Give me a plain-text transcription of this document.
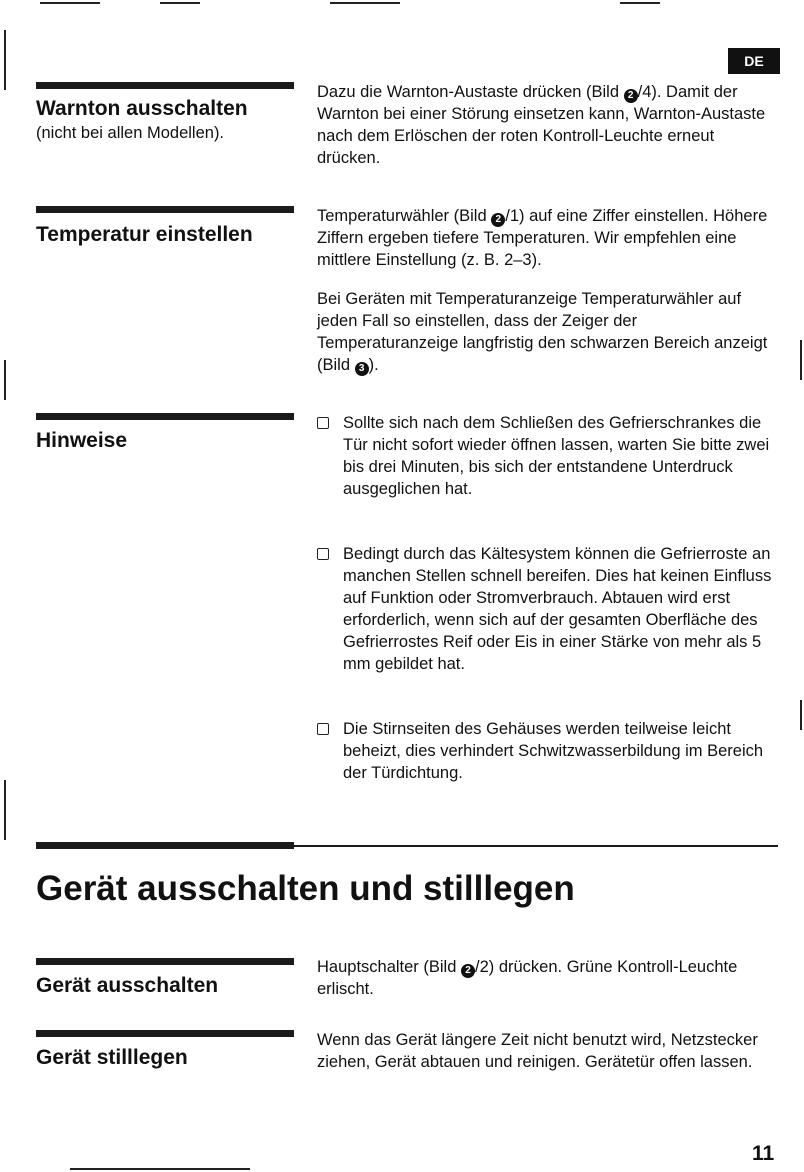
DE
Warnton ausschalten
(nicht bei allen Modellen).

Dazu die Warnton-Austaste drücken (Bild 2 /4). Damit der Warnton bei einer Störung einsetzen kann, Warnton-Austaste nach dem Erlöschen der roten Kontroll-Leuchte erneut drücken.

Temperatur einstellen

Temperaturwähler (Bild 2 /1) auf eine Ziffer einstellen. Höhere Ziffern ergeben tiefere Temperaturen. Wir empfehlen eine mittlere Einstellung (z. B. 2–3).

Bei Geräten mit Temperaturanzeige Temperaturwähler auf jeden Fall so einstellen, dass der Zeiger der Temperaturanzeige langfristig den schwarzen Bereich anzeigt (Bild 3 ).

Hinweise

Sollte sich nach dem Schließen des Gefrierschrankes die Tür nicht sofort wieder öffnen lassen, warten Sie bitte zwei bis drei Minuten, bis sich der entstandene Unterdruck ausgeglichen hat.

Bedingt durch das Kältesystem können die Gefrierroste an manchen Stellen schnell bereifen. Dies hat keinen Einfluss auf Funktion oder Stromverbrauch. Abtauen wird erst erforderlich, wenn sich auf der gesamten Oberfläche des Gefrierrostes Reif oder Eis in einer Stärke von mehr als 5 mm gebildet hat.

Die Stirnseiten des Gehäuses werden teilweise leicht beheizt, dies verhindert Schwitzwasserbildung im Bereich der Türdichtung.

Gerät ausschalten und stilllegen
Gerät ausschalten

Hauptschalter (Bild 2 /2) drücken. Grüne Kontroll-Leuchte erlischt.

Gerät stilllegen

Wenn das Gerät längere Zeit nicht benutzt wird, Netzstecker ziehen, Gerät abtauen und reinigen. Gerätetür offen lassen.

11
